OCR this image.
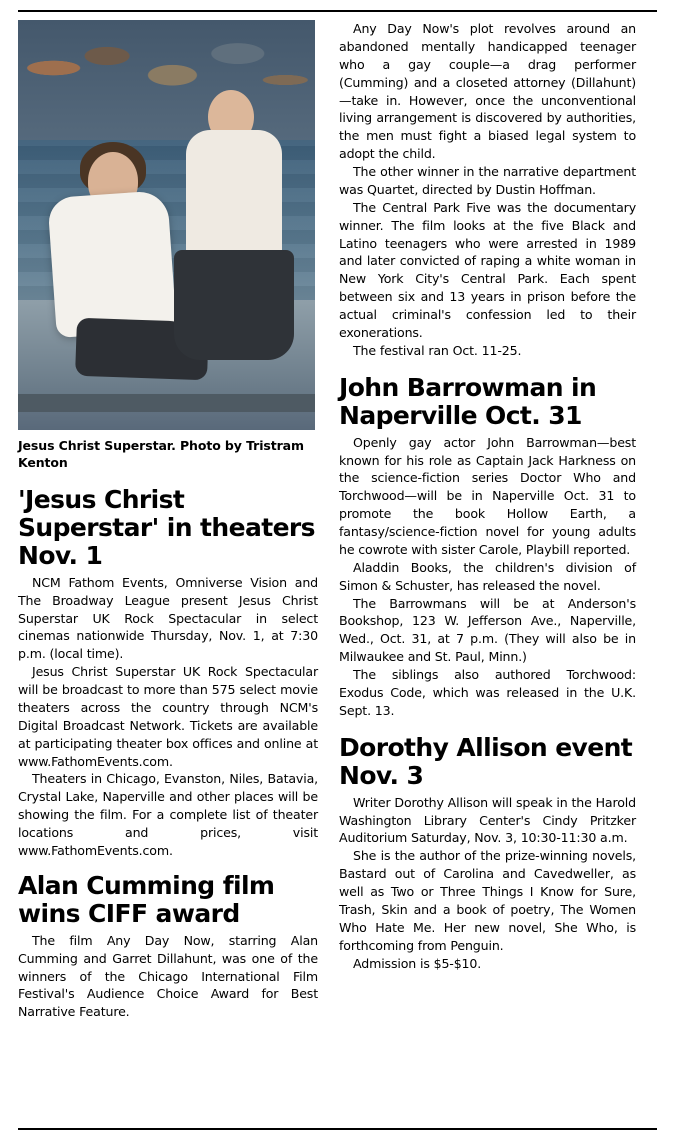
Jesus Christ Superstar. Photo by Tristram Kenton
'Jesus Christ Superstar' in theaters Nov. 1

NCM Fathom Events, Omniverse Vision and The Broadway League present Jesus Christ Superstar UK Rock Spectacular in select cinemas nationwide Thursday, Nov. 1, at 7:30 p.m. (local time).

Jesus Christ Superstar UK Rock Spectacular will be broadcast to more than 575 select movie theaters across the country through NCM's Digital Broadcast Network. Tickets are available at participating theater box offices and online at www.FathomEvents.com.

Theaters in Chicago, Evanston, Niles, Batavia, Crystal Lake, Naperville and other places will be showing the film. For a complete list of theater locations and prices, visit www.FathomEvents.com.

Alan Cumming film wins CIFF award

The film Any Day Now, starring Alan Cumming and Garret Dillahunt, was one of the winners of the Chicago International Film Festival's Audience Choice Award for Best Narrative Feature.

Any Day Now's plot revolves around an abandoned mentally handicapped teenager who a gay couple—a drag performer (Cumming) and a closeted attorney (Dillahunt)—take in. However, once the unconventional living arrangement is discovered by authorities, the men must fight a biased legal system to adopt the child.

The other winner in the narrative department was Quartet, directed by Dustin Hoffman.

The Central Park Five was the documentary winner. The film looks at the five Black and Latino teenagers who were arrested in 1989 and later convicted of raping a white woman in New York City's Central Park. Each spent between six and 13 years in prison before the actual criminal's confession led to their exonerations.

The festival ran Oct. 11-25.

John Barrowman in Naperville Oct. 31

Openly gay actor John Barrowman—best known for his role as Captain Jack Harkness on the science-fiction series Doctor Who and Torchwood—will be in Naperville Oct. 31 to promote the book Hollow Earth, a fantasy/science-fiction novel for young adults he cowrote with sister Carole, Playbill reported.

Aladdin Books, the children's division of Simon & Schuster, has released the novel.

The Barrowmans will be at Anderson's Bookshop, 123 W. Jefferson Ave., Naperville, Wed., Oct. 31, at 7 p.m. (They will also be in Milwaukee and St. Paul, Minn.)

The siblings also authored Torchwood: Exodus Code, which was released in the U.K. Sept. 13.

Dorothy Allison event Nov. 3

Writer Dorothy Allison will speak in the Harold Washington Library Center's Cindy Pritzker Auditorium Saturday, Nov. 3, 10:30-11:30 a.m.

She is the author of the prize-winning novels, Bastard out of Carolina and Cavedweller, as well as Two or Three Things I Know for Sure, Trash, Skin and a book of poetry, The Women Who Hate Me. Her new novel, She Who, is forthcoming from Penguin.

Admission is $5-$10.
